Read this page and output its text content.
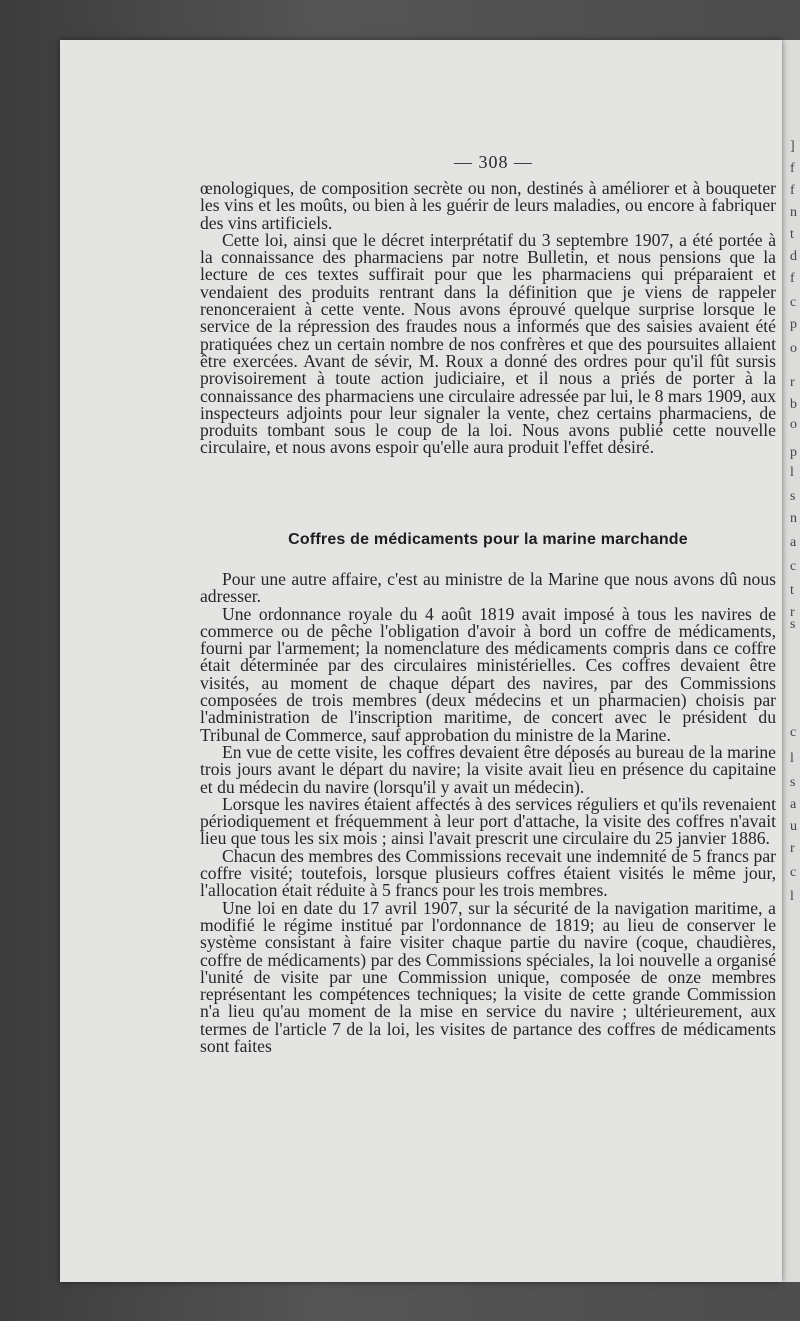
]
f
f
n
t
d
f
c
p
o
r
b
o
p
l
s
n
a
c
t
r
s
c
l
s
a
u
r
c
l
— 308 —

œnologiques, de composition secrète ou non, destinés à améliorer et à bouqueter les vins et les moûts, ou bien à les guérir de leurs maladies, ou encore à fabriquer des vins artificiels.

Cette loi, ainsi que le décret interprétatif du 3 septembre 1907, a été portée à la connaissance des pharmaciens par notre Bulletin, et nous pensions que la lecture de ces textes suffirait pour que les pharmaciens qui préparaient et vendaient des produits rentrant dans la définition que je viens de rappeler renonceraient à cette vente. Nous avons éprouvé quelque surprise lorsque le service de la répression des fraudes nous a informés que des saisies avaient été pratiquées chez un certain nombre de nos confrères et que des poursuites allaient être exercées. Avant de sévir, M. Roux a donné des ordres pour qu'il fût sursis provisoirement à toute action judiciaire, et il nous a priés de porter à la connaissance des pharmaciens une circulaire adressée par lui, le 8 mars 1909, aux inspecteurs adjoints pour leur signaler la vente, chez certains pharmaciens, de produits tombant sous le coup de la loi. Nous avons publié cette nouvelle circulaire, et nous avons espoir qu'elle aura produit l'effet désiré.

Coffres de médicaments pour la marine marchande

Pour une autre affaire, c'est au ministre de la Marine que nous avons dû nous adresser.

Une ordonnance royale du 4 août 1819 avait imposé à tous les navires de commerce ou de pêche l'obligation d'avoir à bord un coffre de médicaments, fourni par l'armement; la nomenclature des médicaments compris dans ce coffre était déterminée par des circulaires ministérielles. Ces coffres devaient être visités, au moment de chaque départ des navires, par des Commissions composées de trois membres (deux médecins et un pharmacien) choisis par l'administration de l'inscription maritime, de concert avec le président du Tribunal de Commerce, sauf approbation du ministre de la Marine.

En vue de cette visite, les coffres devaient être déposés au bureau de la marine trois jours avant le départ du navire; la visite avait lieu en présence du capitaine et du médecin du navire (lorsqu'il y avait un médecin).

Lorsque les navires étaient affectés à des services réguliers et qu'ils revenaient périodiquement et fréquemment à leur port d'attache, la visite des coffres n'avait lieu que tous les six mois ; ainsi l'avait prescrit une circulaire du 25 janvier 1886.

Chacun des membres des Commissions recevait une indemnité de 5 francs par coffre visité; toutefois, lorsque plusieurs coffres étaient visités le même jour, l'allocation était réduite à 5 francs pour les trois membres.

Une loi en date du 17 avril 1907, sur la sécurité de la navigation maritime, a modifié le régime institué par l'ordonnance de 1819; au lieu de conserver le système consistant à faire visiter chaque partie du navire (coque, chaudières, coffre de médicaments) par des Commissions spéciales, la loi nouvelle a organisé l'unité de visite par une Commission unique, composée de onze membres représentant les compétences techniques; la visite de cette grande Commission n'a lieu qu'au moment de la mise en service du navire ; ultérieurement, aux termes de l'article 7 de la loi, les visites de partance des coffres de médicaments sont faites
